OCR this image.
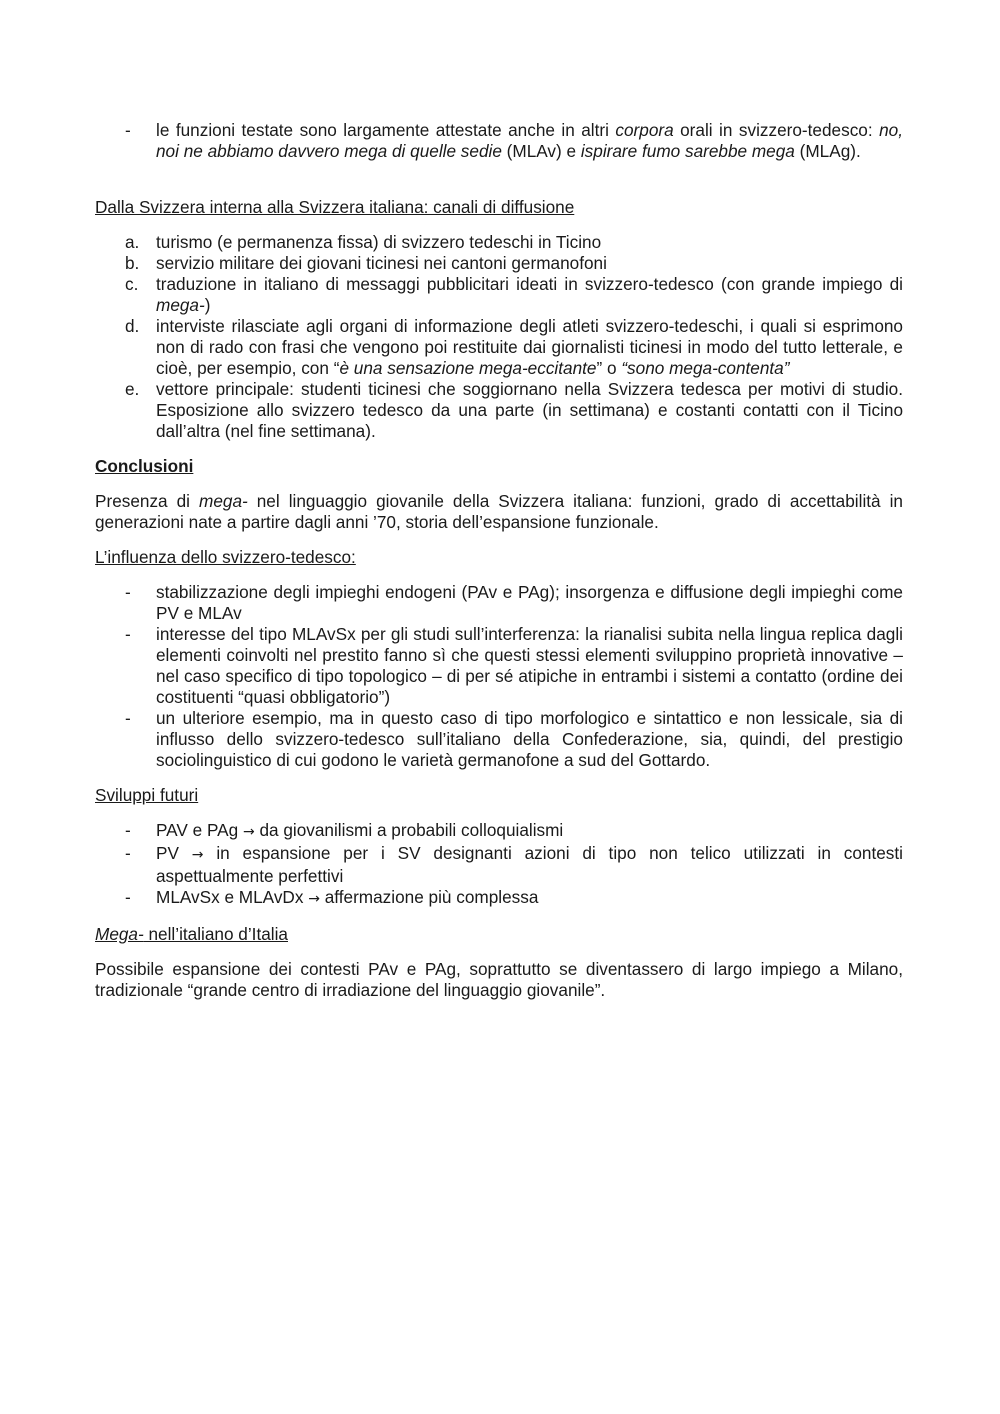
- le funzioni testate sono largamente attestate anche in altri corpora orali in svizzero-tedesco: no, noi ne abbiamo davvero mega di quelle sedie (MLAv) e ispirare fumo sarebbe mega (MLAg).
Dalla Svizzera interna alla Svizzera italiana: canali di diffusione
a. turismo (e permanenza fissa) di svizzero tedeschi in Ticino
b. servizio militare dei giovani ticinesi nei cantoni germanofoni
c. traduzione in italiano di messaggi pubblicitari ideati in svizzero-tedesco (con grande impiego di mega-)
d. interviste rilasciate agli organi di informazione degli atleti svizzero-tedeschi, i quali si esprimono non di rado con frasi che vengono poi restituite dai giornalisti ticinesi in modo del tutto letterale, e cioè, per esempio, con “è una sensazione mega-eccitante” o “sono mega-contenta”
e. vettore principale: studenti ticinesi che soggiornano nella Svizzera tedesca per motivi di studio. Esposizione allo svizzero tedesco da una parte (in settimana) e costanti contatti con il Ticino dall’altra (nel fine settimana).
Conclusioni

Presenza di mega- nel linguaggio giovanile della Svizzera italiana: funzioni, grado di accettabilità in generazioni nate a partire dagli anni ’70, storia dell’espansione funzionale.

L’influenza dello svizzero-tedesco:
- stabilizzazione degli impieghi endogeni (PAv e PAg); insorgenza e diffusione degli impieghi come PV e MLAv
- interesse del tipo MLAvSx per gli studi sull’interferenza: la rianalisi subita nella lingua replica dagli elementi coinvolti nel prestito fanno sì che questi stessi elementi sviluppino proprietà innovative – nel caso specifico di tipo topologico – di per sé atipiche in entrambi i sistemi a contatto (ordine dei costituenti “quasi obbligatorio”)
- un ulteriore esempio, ma in questo caso di tipo morfologico e sintattico e non lessicale, sia di influsso dello svizzero-tedesco sull’italiano della Confederazione, sia, quindi, del prestigio sociolinguistico di cui godono le varietà germanofone a sud del Gottardo.
Sviluppi futuri
- PAV e PAg → da giovanilismi a probabili colloquialismi
- PV → in espansione per i SV designanti azioni di tipo non telico utilizzati in contesti aspettualmente perfettivi
- MLAvSx e MLAvDx → affermazione più complessa
Mega- nell’italiano d’Italia

Possibile espansione dei contesti PAv e PAg, soprattutto se diventassero di largo impiego a Milano, tradizionale “grande centro di irradiazione del linguaggio giovanile”.
